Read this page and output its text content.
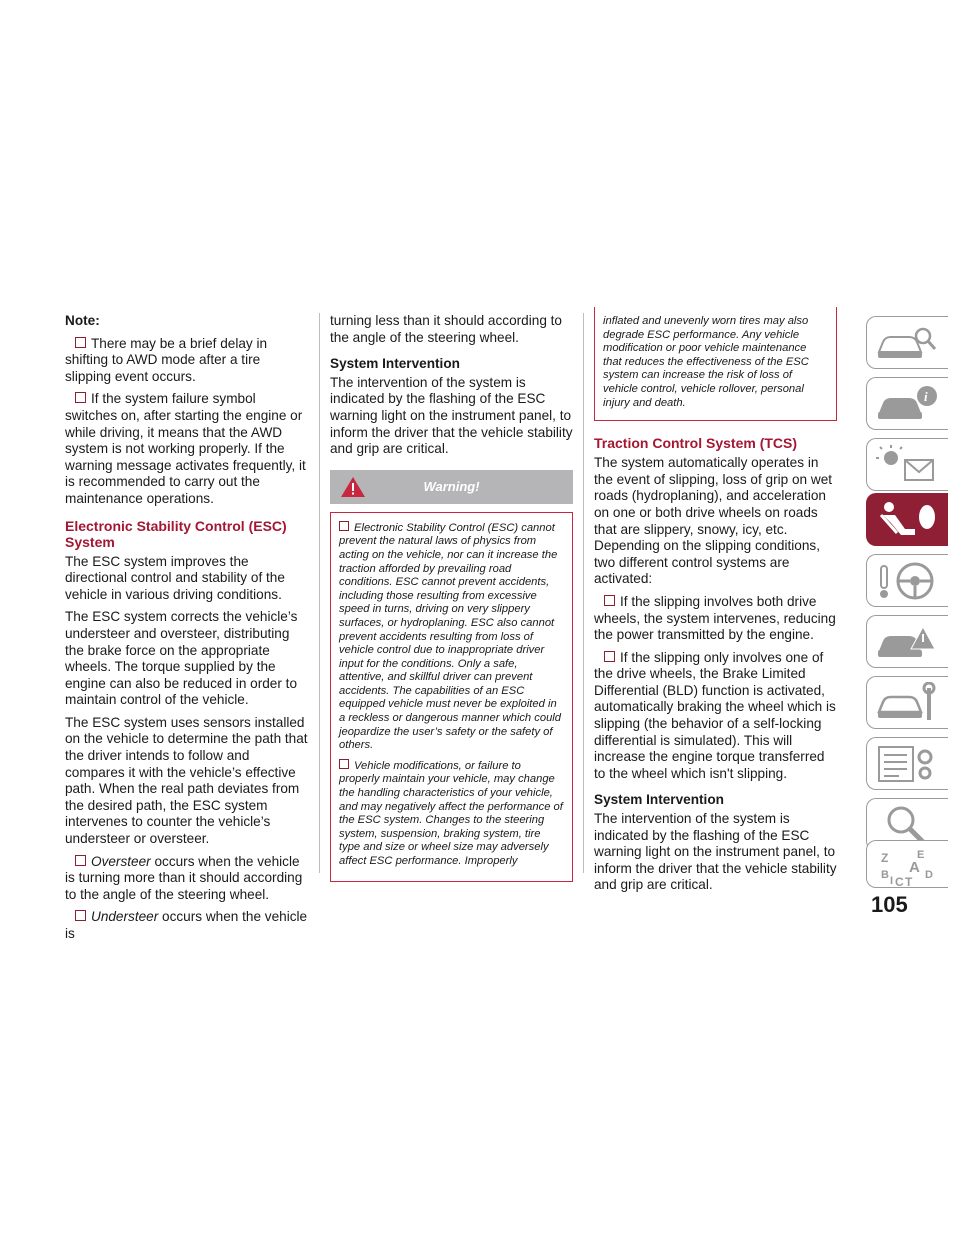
Note:

There may be a brief delay in shifting to AWD mode after a tire slipping event occurs.

If the system failure symbol switches on, after starting the engine or while driving, it means that the AWD system is not working properly. If the warning message activates frequently, it is recommended to carry out the maintenance operations.

Electronic Stability Control (ESC) System

The ESC system improves the directional control and stability of the vehicle in various driving conditions.

The ESC system corrects the vehicle’s understeer and oversteer, distributing the brake force on the appropriate wheels. The torque supplied by the engine can also be reduced in order to maintain control of the vehicle.

The ESC system uses sensors installed on the vehicle to determine the path that the driver intends to follow and compares it with the vehicle’s effective path. When the real path deviates from the desired path, the ESC system intervenes to counter the vehicle’s understeer or oversteer.

Oversteer occurs when the vehicle is turning more than it should according to the angle of the steering wheel.

Understeer occurs when the vehicle is

turning less than it should according to the angle of the steering wheel.

System Intervention

The intervention of the system is indicated by the flashing of the ESC warning light on the instrument panel, to inform the driver that the vehicle stability and grip are critical.

Warning!

Electronic Stability Control (ESC) cannot prevent the natural laws of physics from acting on the vehicle, nor can it increase the traction afforded by prevailing road conditions. ESC cannot prevent accidents, including those resulting from excessive speed in turns, driving on very slippery surfaces, or hydroplaning. ESC also cannot prevent accidents resulting from loss of vehicle control due to inappropriate driver input for the conditions. Only a safe, attentive, and skillful driver can prevent accidents. The capabilities of an ESC equipped vehicle must never be exploited in a reckless or dangerous manner which could jeopardize the user’s safety or the safety of others.

Vehicle modifications, or failure to properly maintain your vehicle, may change the handling characteristics of your vehicle, and may negatively affect the performance of the ESC system. Changes to the steering system, suspension, braking system, tire type and size or wheel size may adversely affect ESC performance. Improperly

inflated and unevenly worn tires may also degrade ESC performance. Any vehicle modification or poor vehicle maintenance that reduces the effectiveness of the ESC system can increase the risk of loss of vehicle control, vehicle rollover, personal injury and death.
Traction Control System (TCS)

The system automatically operates in the event of slipping, loss of grip on wet roads (hydroplaning), and acceleration on one or both drive wheels on roads that are slippery, snowy, icy, etc. Depending on the slipping conditions, two different control systems are activated:

If the slipping involves both drive wheels, the system intervenes, reducing the power transmitted by the engine.

If the slipping only involves one of the drive wheels, the Brake Limited Differential (BLD) function is activated, automatically braking the wheel which is slipping (the behavior of a self-locking differential is simulated). This will increase the engine torque transferred to the wheel which isn't slipping.

System Intervention

The intervention of the system is indicated by the flashing of the ESC warning light on the instrument panel, to inform the driver that the vehicle stability and grip are critical.

i
Z	E
A
B C T D
I
105
